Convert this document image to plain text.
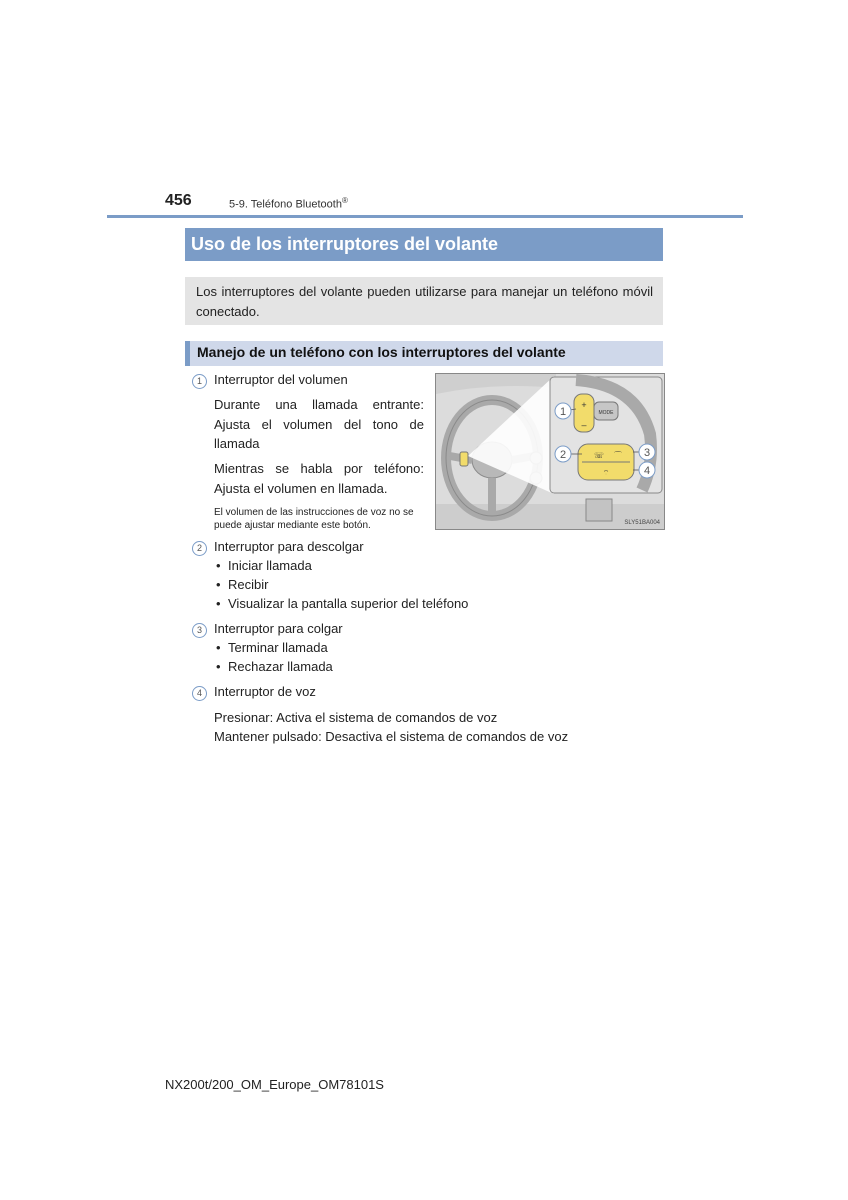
456	5-9. Teléfono Bluetooth®
Uso de los interruptores del volante

Los interruptores del volante pueden utilizarse para manejar un teléfono móvil conectado.

Manejo de un teléfono con los interruptores del volante
1 Interruptor del volumen
Durante una llamada entrante: Ajusta el volumen del tono de llamada
Mientras se habla por teléfono: Ajusta el volumen en llamada.
El volumen de las instrucciones de voz no se puede ajustar mediante este botón.
2 Interruptor para descolgar
• Iniciar llamada
• Recibir
• Visualizar la pantalla superior del teléfono
3 Interruptor para colgar
• Terminar llamada
• Rechazar llamada
4 Interruptor de voz
Presionar: Activa el sistema de comandos de voz
Mantener pulsado: Desactiva el sistema de comandos de voz
+
–
MODE
☏ ⌒
⌔
1
2	3
4
SLY51BA004
NX200t/200_OM_Europe_OM78101S
